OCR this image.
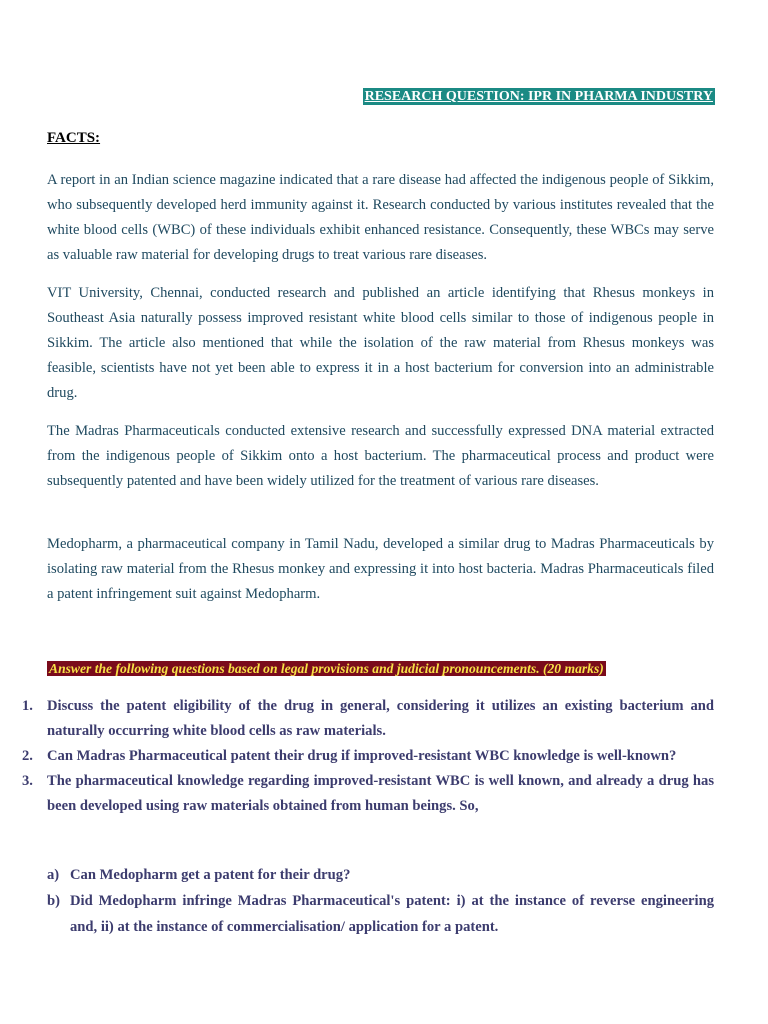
RESEARCH QUESTION: IPR IN PHARMA INDUSTRY
FACTS:

A report in an Indian science magazine indicated that a rare disease had affected the indigenous people of Sikkim, who subsequently developed herd immunity against it. Research conducted by various institutes revealed that the white blood cells (WBC) of these individuals exhibit enhanced resistance. Consequently, these WBCs may serve as valuable raw material for developing drugs to treat various rare diseases.

VIT University, Chennai, conducted research and published an article identifying that Rhesus monkeys in Southeast Asia naturally possess improved resistant white blood cells similar to those of indigenous people in Sikkim. The article also mentioned that while the isolation of the raw material from Rhesus monkeys was feasible, scientists have not yet been able to express it in a host bacterium for conversion into an administrable drug.

The Madras Pharmaceuticals conducted extensive research and successfully expressed DNA material extracted from the indigenous people of Sikkim onto a host bacterium. The pharmaceutical process and product were subsequently patented and have been widely utilized for the treatment of various rare diseases.

Medopharm, a pharmaceutical company in Tamil Nadu, developed a similar drug to Madras Pharmaceuticals by isolating raw material from the Rhesus monkey and expressing it into host bacteria. Madras Pharmaceuticals filed a patent infringement suit against Medopharm.

Answer the following questions based on legal provisions and judicial pronouncements. (20 marks)
1. Discuss the patent eligibility of the drug in general, considering it utilizes an existing bacterium and naturally occurring white blood cells as raw materials.
2. Can Madras Pharmaceutical patent their drug if improved-resistant WBC knowledge is well-known?
3. The pharmaceutical knowledge regarding improved-resistant WBC is well known, and already a drug has been developed using raw materials obtained from human beings. So,
a) Can Medopharm get a patent for their drug?
b) Did Medopharm infringe Madras Pharmaceutical's patent: i) at the instance of reverse engineering and, ii) at the instance of commercialisation/ application for a patent.
